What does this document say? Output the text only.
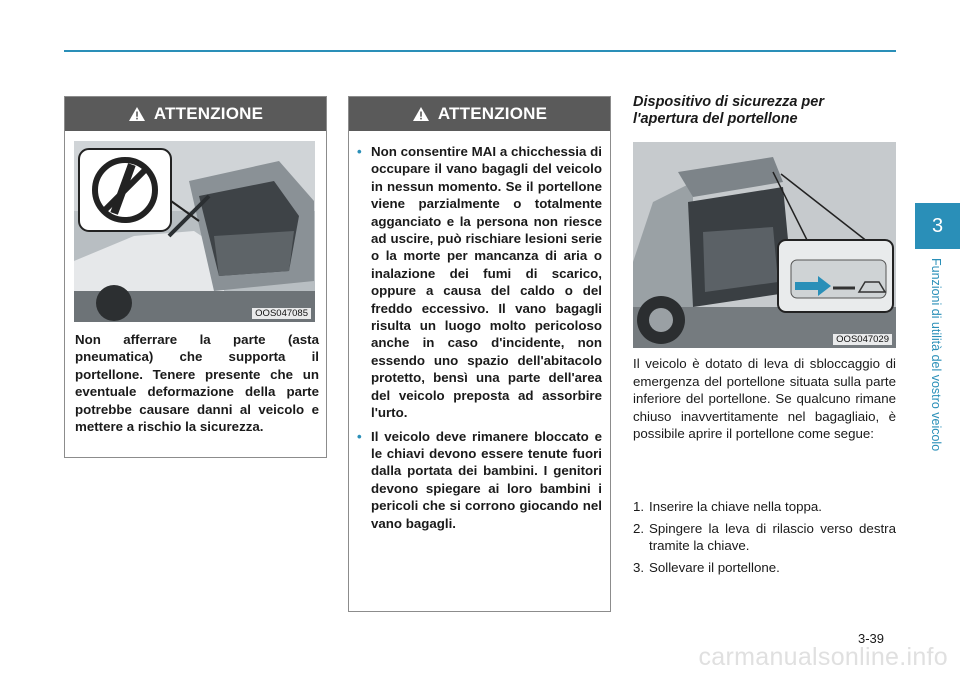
ATTENZIONE
OOS047085
Non afferrare la parte (asta pneumatica) che supporta il portellone. Tenere presente che un eventuale deformazione della parte potrebbe causare danni al veicolo e mettere a rischio la sicurezza.
ATTENZIONE
• Non consentire MAI a chicchessia di occupare il vano bagagli del veicolo in nessun momento. Se il portellone viene parzialmente o totalmente agganciato e la persona non riesce ad uscire, può rischiare lesioni serie o la morte per mancanza di aria o inalazione dei fumi di scarico, oppure a causa del caldo o del freddo eccessivo. Il vano bagagli risulta un luogo molto pericoloso anche in caso d'incidente, non essendo uno spazio dell'abitacolo protetto, bensì una parte dell'area del veicolo preposta ad assorbire l'urto.
• Il veicolo deve rimanere bloccato e le chiavi devono essere tenute fuori dalla portata dei bambini. I genitori devono spiegare ai loro bambini i pericoli che si corrono giocando nel vano bagagli.
Dispositivo di sicurezza per
l'apertura del portellone
OOS047029
Il veicolo è dotato di leva di sbloccaggio di emergenza del portellone situata sulla parte inferiore del portellone. Se qualcuno rimane chiuso inavvertitamente nel bagagliaio, è possibile aprire il portellone come segue:
1. Inserire la chiave nella toppa.
2. Spingere la leva di rilascio verso destra tramite la chiave.
3. Sollevare il portellone.
3
Funzioni di utilità del vostro veicolo
3-39
carmanualsonline.info
